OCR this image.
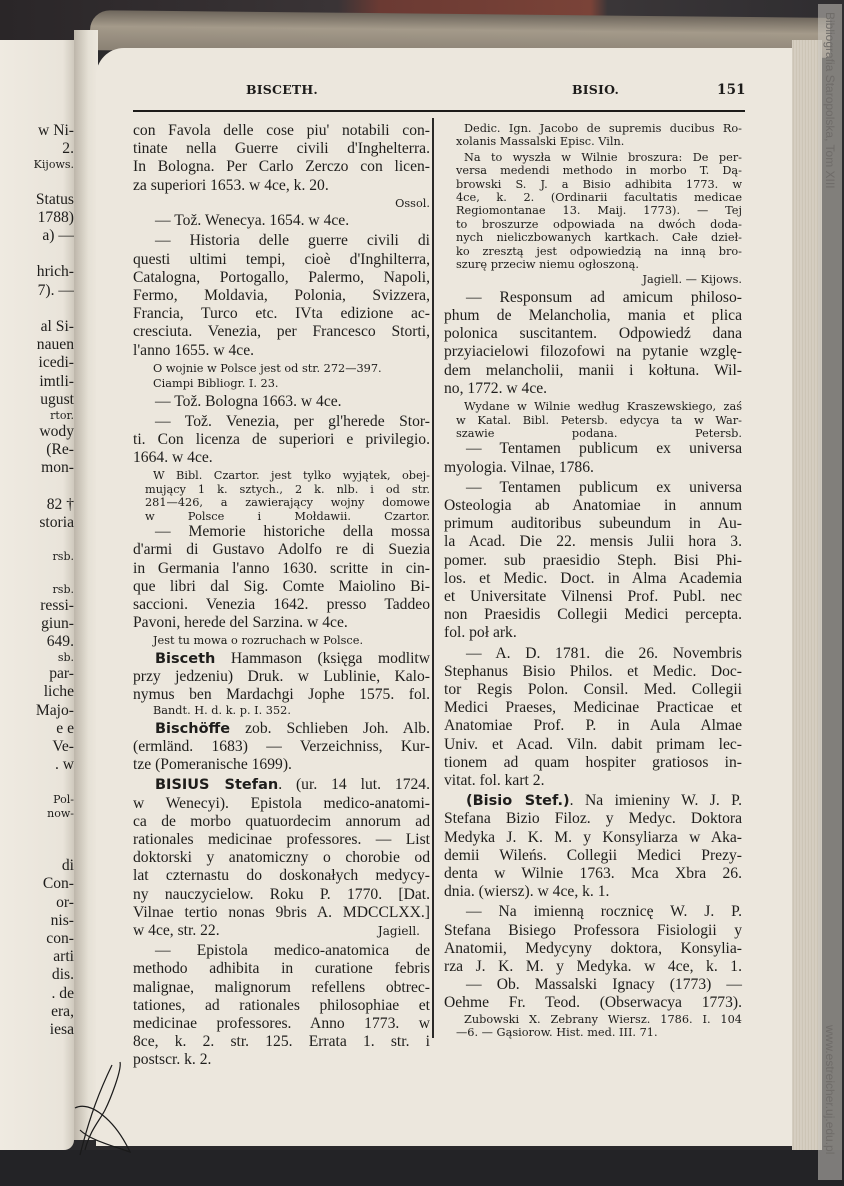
w Ni-
2.
Kijows.

Status
1788)
a) —

hrich-
7). —

al Si-
nauen
icedi-
imtli-
ugust
rtor.
wody
(Re-
mon-

82 †
storia

rsb.

rsb.
ressi-
giun-
649.
sb.
par-
liche
Majo-
e e
Ve-
. w

Pol-
now-

di
Con-
or-
nis-
con-
arti
dis.
. de
era,
iesa
BISCETH.	BISIO.	151
con Favola delle cose piu' notabili con-
tinate nella Guerre civili d'Inghelterra.
In Bologna. Per Carlo Zerczo con licen-
za superiori 1653. w 4ce, k. 20.
Ossol.
— Tož. Wenecya. 1654. w 4ce.
— Historia delle guerre civili di
questi ultimi tempi, cioè d'Inghilterra,
Catalogna, Portogallo, Palermo, Napoli,
Fermo, Moldavia, Polonia, Svizzera,
Francia, Turco etc. IVta edizione ac-
cresciuta. Venezia, per Francesco Storti,
l'anno 1655. w 4ce.
O wojnie w Polsce jest od str. 272—397.
Ciampi Bibliogr. I. 23.
— Tož. Bologna 1663. w 4ce.
— Tož. Venezia, per gl'herede Stor-
ti. Con licenza de superiori e privilegio.
1664. w 4ce.
W Bibl. Czartor. jest tylko wyjątek, obej-
mujący 1 k. sztych., 2 k. nlb. i od str.
281—426, a zawierający wojny domowe
w Polsce i Mołdawii. Czartor.
— Memorie historiche della mossa
d'armi di Gustavo Adolfo re di Suezia
in Germania l'anno 1630. scritte in cin-
que libri dal Sig. Comte Maiolino Bi-
saccioni. Venezia 1642. presso Taddeo
Pavoni, herede del Sarzina. w 4ce.
Jest tu mowa o rozruchach w Polsce.
Bisceth Hammason (księga modlitw
przy jedzeniu) Druk. w Lublinie, Kalo-
nymus ben Mardachgi Jophe 1575. fol.
Bandt. H. d. k. p. I. 352.
Bischöffe zob. Schlieben Joh. Alb.
(ermländ. 1683) — Verzeichniss, Kur-
tze (Pomeranische 1699).
BISIUS Stefan. (ur. 14 lut. 1724.
w Wenecyi). Epistola medico-anatomi-
ca de morbo quatuordecim annorum ad
rationales medicinae professores. — List
doktorski y anatomiczny o chorobie od
lat czternastu do doskonałych medycy-
ny nauczycielow. Roku P. 1770. [Dat.
Vilnae tertio nonas 9bris A. MDCCLXX.]
w 4ce, str. 22.	Jagiell.
— Epistola medico-anatomica de
methodo adhibita in curatione febris
malignae, malignorum refellens obtrec-
tationes, ad rationales philosophiae et
medicinae professores. Anno 1773. w
8ce, k. 2. str. 125. Errata 1. str. i
postscr. k. 2.
Dedic. Ign. Jacobo de supremis ducibus Ro-
xolanis Massalski Episc. Viln.
Na to wyszła w Wilnie broszura: De per-
versa medendi methodo in morbo T. Dą-
browski S. J. a Bisio adhibita 1773. w
4ce, k. 2. (Ordinarii facultatis medicae
Regiomontanae 13. Maij. 1773). — Tej
to broszurze odpowiada na dwóch doda-
nych nieliczbowanych kartkach. Całe dzieł-
ko zresztą jest odpowiedzią na inną bro-
szurę przeciw niemu ogłoszoną.
Jagiell. — Kijows.
— Responsum ad amicum philoso-
phum de Melancholia, mania et plica
polonica suscitantem. Odpowiedź dana
przyiacielowi filozofowi na pytanie wzglę-
dem melancholii, manii i kołtuna. Wil-
no, 1772. w 4ce.
Wydane w Wilnie według Kraszewskiego, zaś
w Katal. Bibl. Petersb. edycya ta w War-
szawie podana. Petersb.
— Tentamen publicum ex universa
myologia. Vilnae, 1786.
— Tentamen publicum ex universa
Osteologia ab Anatomiae in annum
primum auditoribus subeundum in Au-
la Acad. Die 22. mensis Julii hora 3.
pomer. sub praesidio Steph. Bisi Phi-
los. et Medic. Doct. in Alma Academia
et Universitate Vilnensi Prof. Publ. nec
non Praesidis Collegii Medici percepta.
fol. poł ark.
— A. D. 1781. die 26. Novembris
Stephanus Bisio Philos. et Medic. Doc-
tor Regis Polon. Consil. Med. Collegii
Medici Praeses, Medicinae Practicae et
Anatomiae Prof. P. in Aula Almae
Univ. et Acad. Viln. dabit primam lec-
tionem ad quam hospiter gratiosos in-
vitat. fol. kart 2.
(Bisio Stef.). Na imieniny W. J. P.
Stefana Bizio Filoz. y Medyc. Doktora
Medyka J. K. M. y Konsyliarza w Aka-
demii Wileńs. Collegii Medici Prezy-
denta w Wilnie 1763. Mca Xbra 26.
dnia. (wiersz). w 4ce, k. 1.
— Na imienną rocznicę W. J. P.
Stefana Bisiego Professora Fisiologii y
Anatomii, Medycyny doktora, Konsylia-
rza J. K. M. y Medyka. w 4ce, k. 1.
— Ob. Massalski Ignacy (1773) —
Oehme Fr. Teod. (Obserwacya 1773).
Zubowski X. Zebrany Wiersz. 1786. I. 104
—6. — Gąsiorow. Hist. med. III. 71.
Bibliografia Staropolska, Tom XIII
www.estreicher.uj.edu.pl
